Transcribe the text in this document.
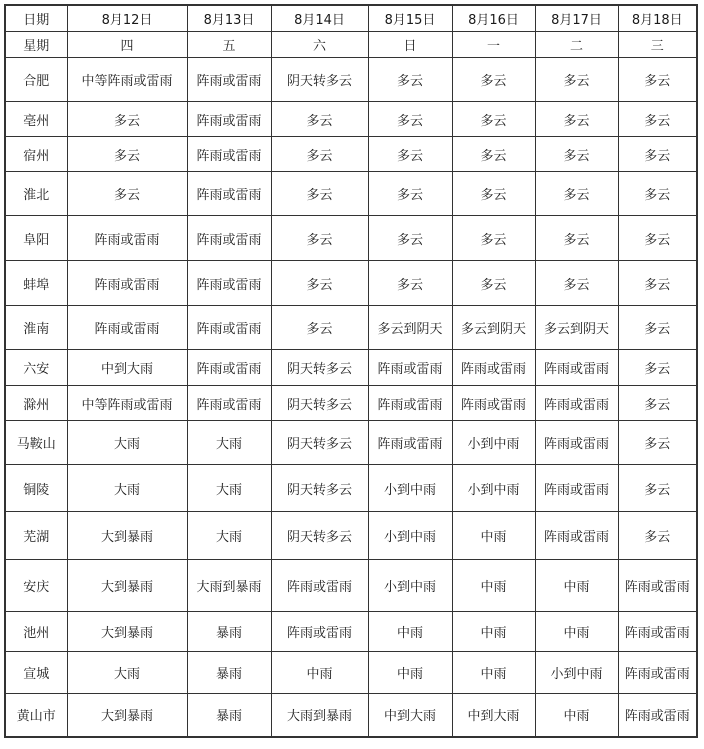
日期	8月12日	8月13日	8月14日	8月15日	8月16日	8月17日	8月18日
星期	四	五	六	日	一	二	三
合肥	中等阵雨或雷雨	阵雨或雷雨	阴天转多云	多云	多云	多云	多云
亳州	多云	阵雨或雷雨	多云	多云	多云	多云	多云
宿州	多云	阵雨或雷雨	多云	多云	多云	多云	多云
淮北	多云	阵雨或雷雨	多云	多云	多云	多云	多云
阜阳	阵雨或雷雨	阵雨或雷雨	多云	多云	多云	多云	多云
蚌埠	阵雨或雷雨	阵雨或雷雨	多云	多云	多云	多云	多云
淮南	阵雨或雷雨	阵雨或雷雨	多云	多云到阴天	多云到阴天	多云到阴天	多云
六安	中到大雨	阵雨或雷雨	阴天转多云	阵雨或雷雨	阵雨或雷雨	阵雨或雷雨	多云
滁州	中等阵雨或雷雨	阵雨或雷雨	阴天转多云	阵雨或雷雨	阵雨或雷雨	阵雨或雷雨	多云
马鞍山	大雨	大雨	阴天转多云	阵雨或雷雨	小到中雨	阵雨或雷雨	多云
铜陵	大雨	大雨	阴天转多云	小到中雨	小到中雨	阵雨或雷雨	多云
芜湖	大到暴雨	大雨	阴天转多云	小到中雨	中雨	阵雨或雷雨	多云
安庆	大到暴雨	大雨到暴雨	阵雨或雷雨	小到中雨	中雨	中雨	阵雨或雷雨
池州	大到暴雨	暴雨	阵雨或雷雨	中雨	中雨	中雨	阵雨或雷雨
宣城	大雨	暴雨	中雨	中雨	中雨	小到中雨	阵雨或雷雨
黄山市	大到暴雨	暴雨	大雨到暴雨	中到大雨	中到大雨	中雨	阵雨或雷雨
